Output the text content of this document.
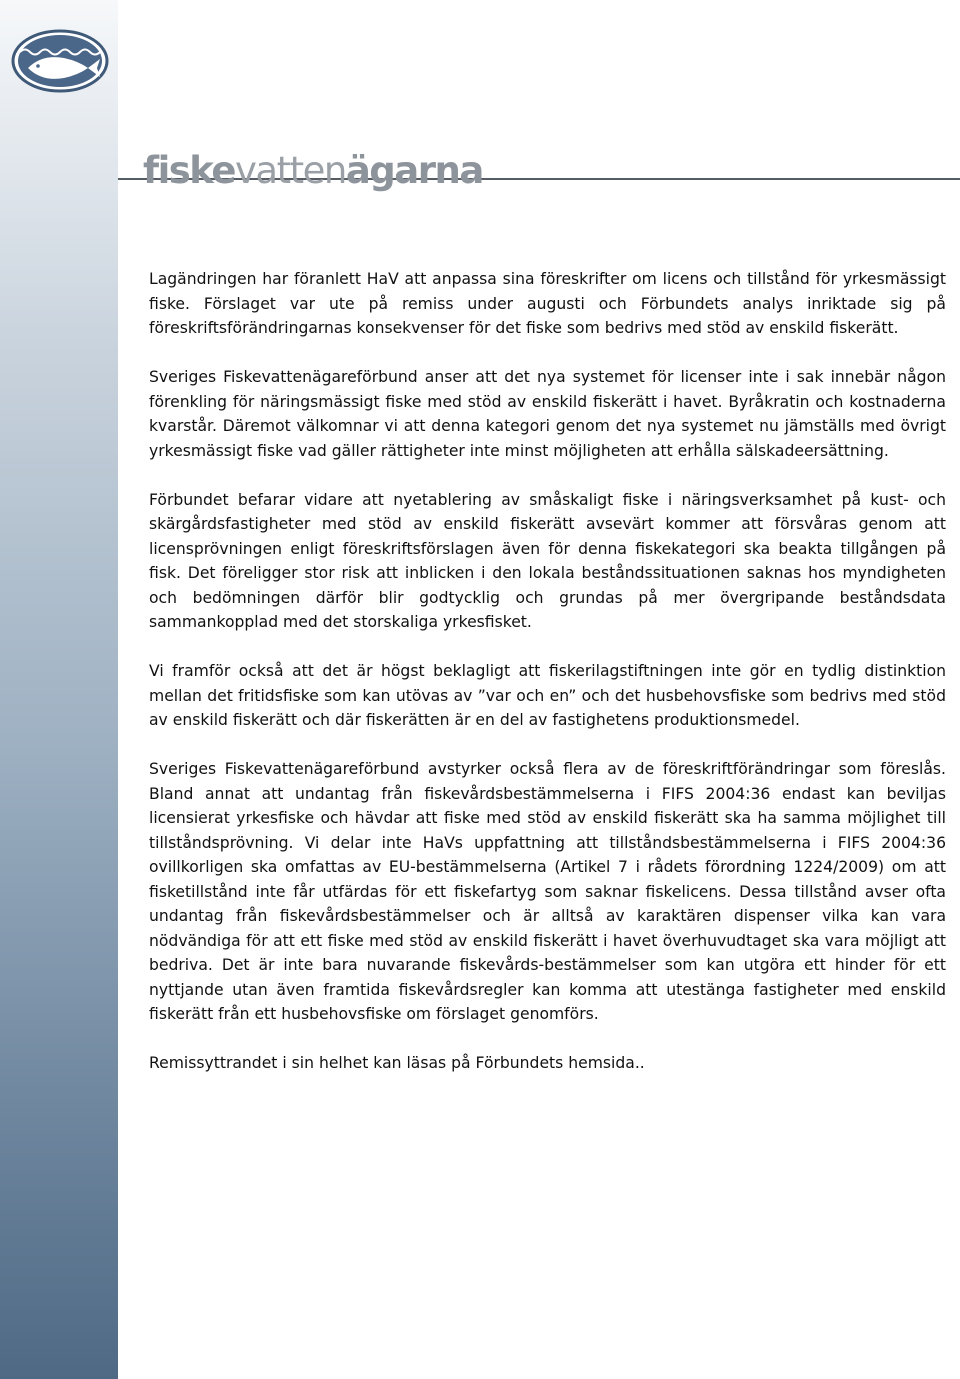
fiskevattenägarna

Lagändringen har föranlett HaV att anpassa sina föreskrifter om licens och tillstånd för yrkesmässigt fiske. Förslaget var ute på remiss under augusti och Förbundets analys inriktade sig på föreskriftsförändringarnas konsekvenser för det fiske som bedrivs med stöd av enskild fiskerätt.

Sveriges Fiskevattenägareförbund anser att det nya systemet för licenser inte i sak innebär någon förenkling för näringsmässigt fiske med stöd av enskild fiskerätt i havet. Byråkratin och kostnaderna kvarstår. Däremot välkomnar vi att denna kategori genom det nya systemet nu jämställs med övrigt yrkesmässigt fiske vad gäller rättigheter inte minst möjligheten att erhålla sälskadeersättning.

Förbundet befarar vidare att nyetablering av småskaligt fiske i näringsverksamhet på kust- och skärgårdsfastigheter med stöd av enskild fiskerätt avsevärt kommer att försvåras genom att licensprövningen enligt föreskriftsförslagen även för denna fiskekategori ska beakta tillgången på fisk. Det föreligger stor risk att inblicken i den lokala beståndssituationen saknas hos myndigheten och bedömningen därför blir godtycklig och grundas på mer övergripande beståndsdata sammankopplad med det storskaliga yrkesfisket.

Vi framför också att det är högst beklagligt att fiskerilagstiftningen inte gör en tydlig distinktion mellan det fritidsfiske som kan utövas av ”var och en” och det husbehovsfiske som bedrivs med stöd av enskild fiskerätt och där fiskerätten är en del av fastighetens produktionsmedel.

Sveriges Fiskevattenägareförbund avstyrker också flera av de föreskriftförändringar som föreslås. Bland annat att undantag från fiskevårdsbestämmelserna i FIFS 2004:36 endast kan beviljas licensierat yrkesfiske och hävdar att fiske med stöd av enskild fiskerätt ska ha samma möjlighet till tillståndsprövning. Vi delar inte HaVs uppfattning att tillståndsbestämmelserna i FIFS 2004:36 ovillkorligen ska omfattas av EU-bestämmelserna (Artikel 7 i rådets förordning 1224/2009) om att fisketillstånd inte får utfärdas för ett fiskefartyg som saknar fiskelicens. Dessa tillstånd avser ofta undantag från fiskevårdsbestämmelser och är alltså av karaktären dispenser vilka kan vara nödvändiga för att ett fiske med stöd av enskild fiskerätt i havet överhuvudtaget ska vara möjligt att bedriva. Det är inte bara nuvarande fiskevårds-bestämmelser som kan utgöra ett hinder för ett nyttjande utan även framtida fiskevårdsregler kan komma att utestänga fastigheter med enskild fiskerätt från ett husbehovsfiske om förslaget genomförs.

Remissyttrandet i sin helhet kan läsas på Förbundets hemsida..
